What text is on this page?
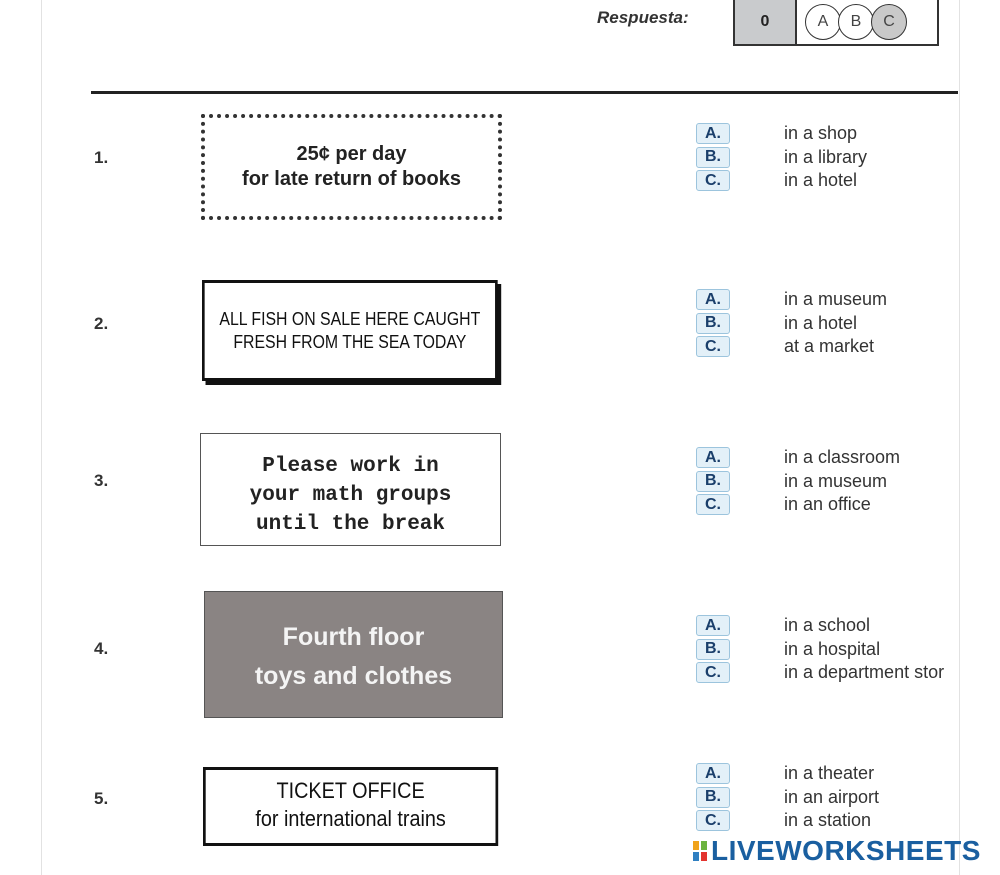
Respuesta:	0	A	B	C
1.	25¢ per day
for late return of books
A.	in a shop
B.	in a library
C.	in a hotel
2.	ALL FISH ON SALE HERE CAUGHT
FRESH FROM THE SEA TODAY
A.	in a museum
B.	in a hotel
C.	at a market
3.
Please work in
your math groups
until the break
A.	in a classroom
B.	in a museum
C.	in an office
4.	Fourth floor
toys and clothes
A.	in a school
B.	in a hospital
C.	in a department stor
5.	TICKET OFFICE
for international trains
A.	in a theater
B.	in an airport
C.	in a station
LIVEWORKSHEETS
